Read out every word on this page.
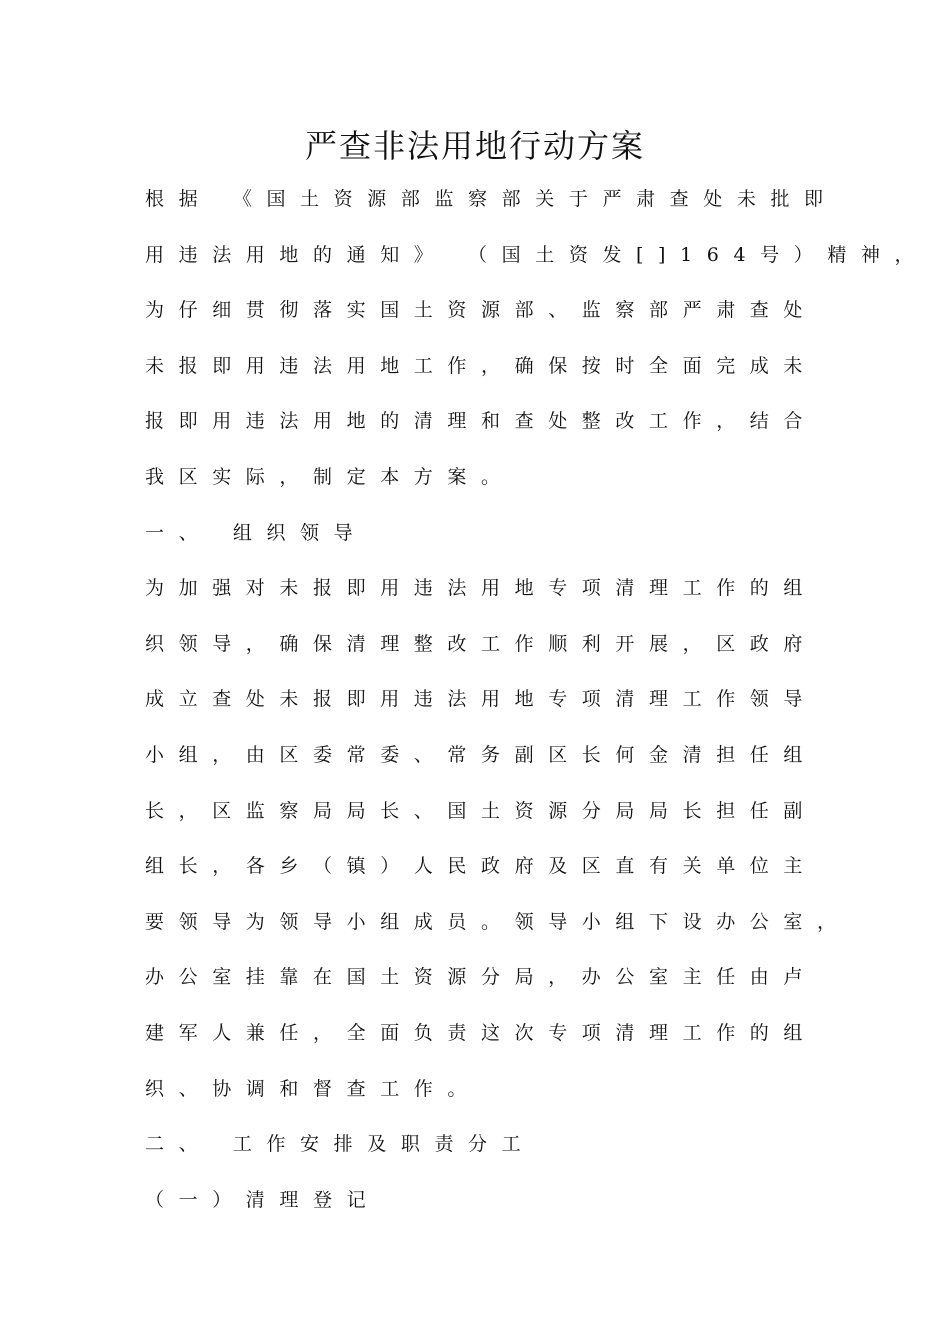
严查非法用地行动方案
根据 《国土资源部监察部关于严肃查处未批即
用违法用地的通知》 （国土资发[]164号）精神，
为仔细贯彻落实国土资源部、监察部严肃查处
未报即用违法用地工作，确保按时全面完成未
报即用违法用地的清理和查处整改工作，结合
我区实际，制定本方案。
一、 组织领导
为加强对未报即用违法用地专项清理工作的组
织领导，确保清理整改工作顺利开展，区政府
成立查处未报即用违法用地专项清理工作领导
小组，由区委常委、常务副区长何金清担任组
长，区监察局局长、国土资源分局局长担任副
组长，各乡（镇）人民政府及区直有关单位主
要领导为领导小组成员。领导小组下设办公室，
办公室挂靠在国土资源分局，办公室主任由卢
建军人兼任，全面负责这次专项清理工作的组
织、协调和督查工作。
二、 工作安排及职责分工
（一）清理登记
